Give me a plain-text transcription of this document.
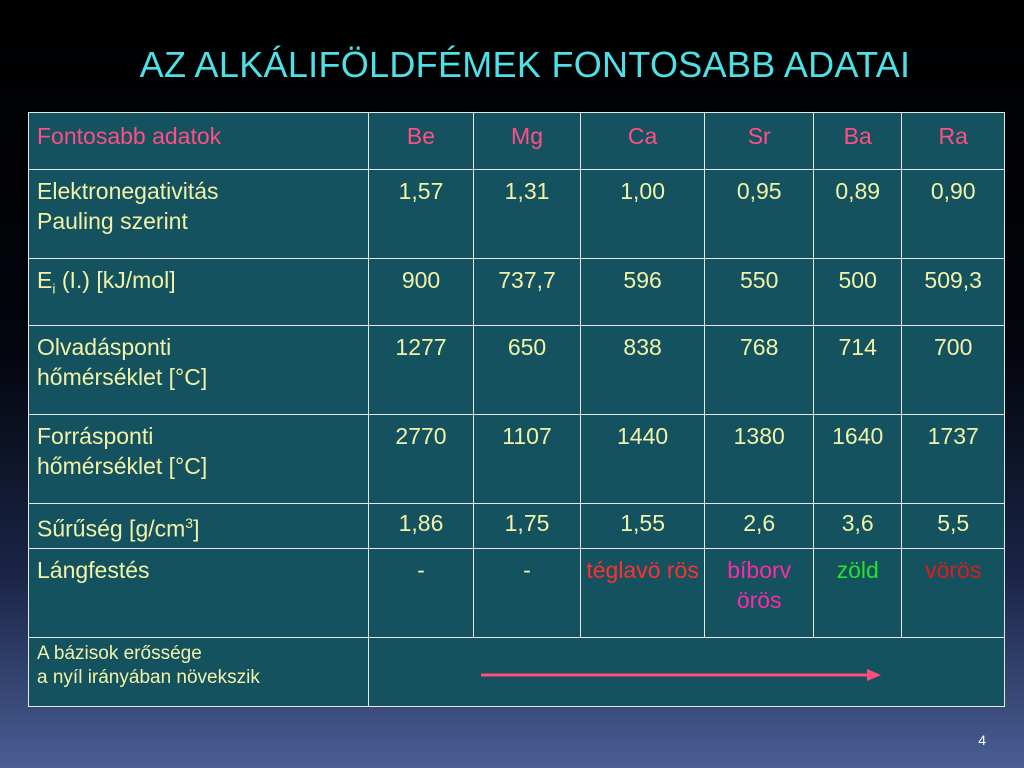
AZ ALKÁLIFÖLDFÉMEK FONTOSABB ADATAI
Fontosabb adatok	Be	Mg	Ca	Sr	Ba	Ra
Elektronegativitás
Pauling szerint	1,57	1,31	1,00	0,95	0,89	0,90
$E_i$ (I.) [kJ/mol]	900	737,7	596	550	500	509,3
Olvadásponti
hőmérséklet [°C]	1277	650	838	768	714	700
Forrásponti
hőmérséklet [°C]	2770	1107	1440	1380	1640	1737
Sűrűség $[g/cm^3]$	1,86	1,75	1,55	2,6	3,6	5,5
Lángfestés	-	-	téglavö rös	bíborv örös	zöld	vörös
A bázisok erőssége
a nyíl irányában növekszik	
4
